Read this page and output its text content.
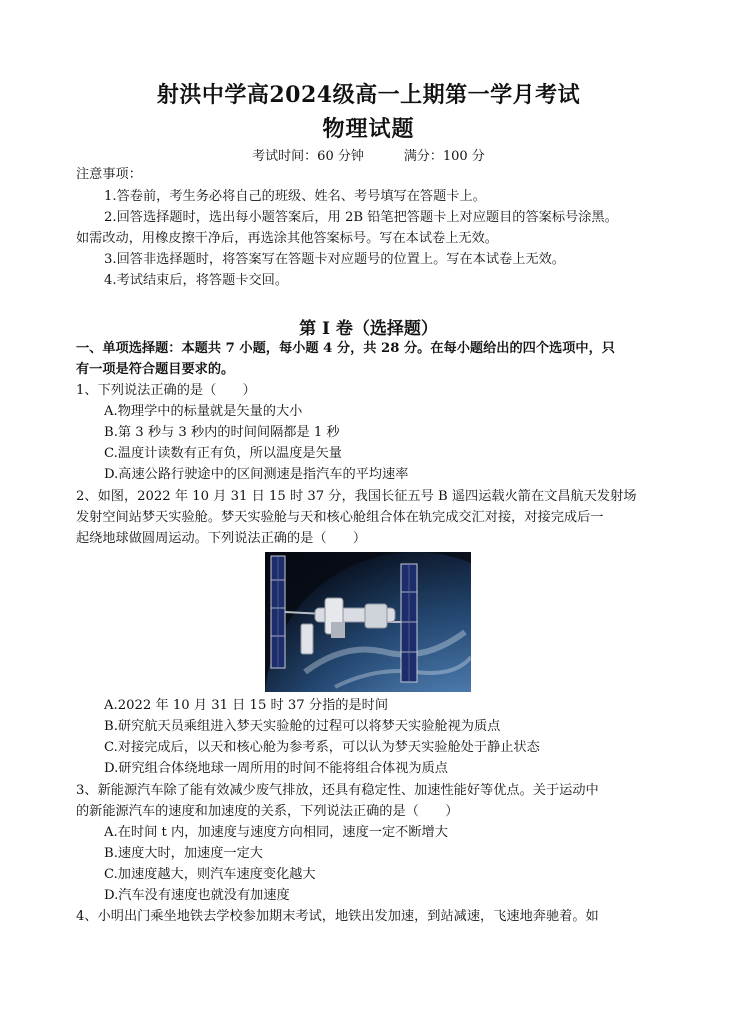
射洪中学高2024级高一上期第一学月考试
物理试题
考试时间：60 分钟	满分：100 分
注意事项：
1.答卷前，考生务必将自己的班级、姓名、考号填写在答题卡上。
2.回答选择题时，选出每小题答案后，用 2B 铅笔把答题卡上对应题目的答案标号涂黑。
如需改动，用橡皮擦干净后，再选涂其他答案标号。写在本试卷上无效。
3.回答非选择题时，将答案写在答题卡对应题号的位置上。写在本试卷上无效。
4.考试结束后，将答题卡交回。
第 I 卷（选择题）
一、单项选择题：本题共 7 小题，每小题 4 分，共 28 分。在每小题给出的四个选项中，只
有一项是符合题目要求的。
1、下列说法正确的是（　　）
A.物理学中的标量就是矢量的大小
B.第 3 秒与 3 秒内的时间间隔都是 1 秒
C.温度计读数有正有负，所以温度是矢量
D.高速公路行驶途中的区间测速是指汽车的平均速率
2、如图，2022 年 10 月 31 日 15 时 37 分，我国长征五号 B 遥四运载火箭在文昌航天发射场
发射空间站梦天实验舱。梦天实验舱与天和核心舱组合体在轨完成交汇对接，对接完成后一
起绕地球做圆周运动。下列说法正确的是（　　）
A.2022 年 10 月 31 日 15 时 37 分指的是时间
B.研究航天员乘组进入梦天实验舱的过程可以将梦天实验舱视为质点
C.对接完成后，以天和核心舱为参考系，可以认为梦天实验舱处于静止状态
D.研究组合体绕地球一周所用的时间不能将组合体视为质点
3、新能源汽车除了能有效减少废气排放，还具有稳定性、加速性能好等优点。关于运动中
的新能源汽车的速度和加速度的关系，下列说法正确的是（　　）
A.在时间 t 内，加速度与速度方向相同，速度一定不断增大
B.速度大时，加速度一定大
C.加速度越大，则汽车速度变化越大
D.汽车没有速度也就没有加速度
4、小明出门乘坐地铁去学校参加期末考试，地铁出发加速，到站减速，飞速地奔驰着。如
